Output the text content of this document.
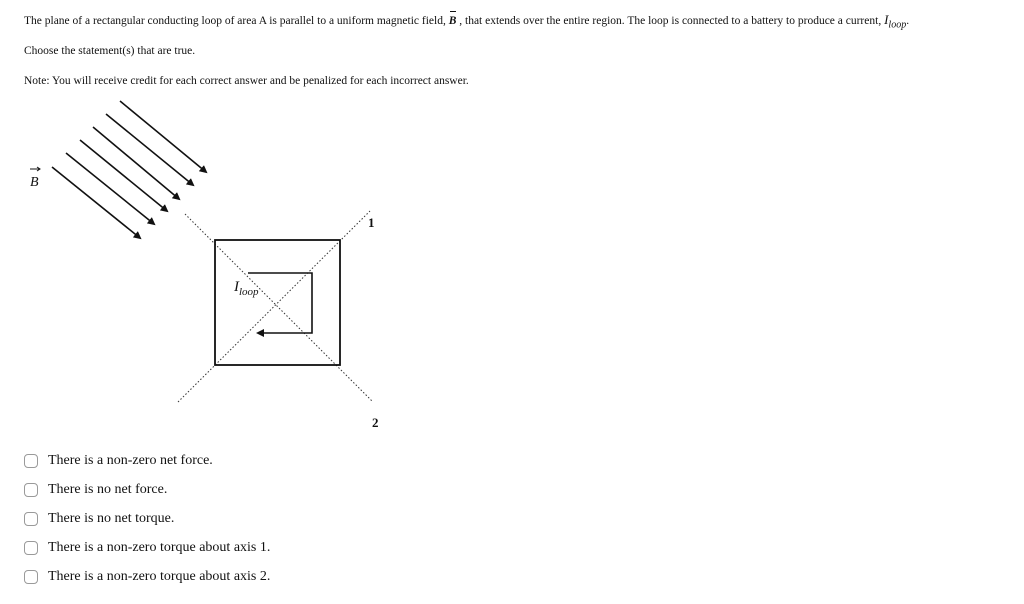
The plane of a rectangular conducting loop of area A is parallel to a uniform magnetic field, B , that extends over the entire region. The loop is connected to a battery to produce a current, $I_{loop}$.
Choose the statement(s) that are true.
Note: You will receive credit for each correct answer and be penalized for each incorrect answer.
B
1
2
$I_{loop}$
There is a non-zero net force.
There is no net force.
There is no net torque.
There is a non-zero torque about axis 1.
There is a non-zero torque about axis 2.
